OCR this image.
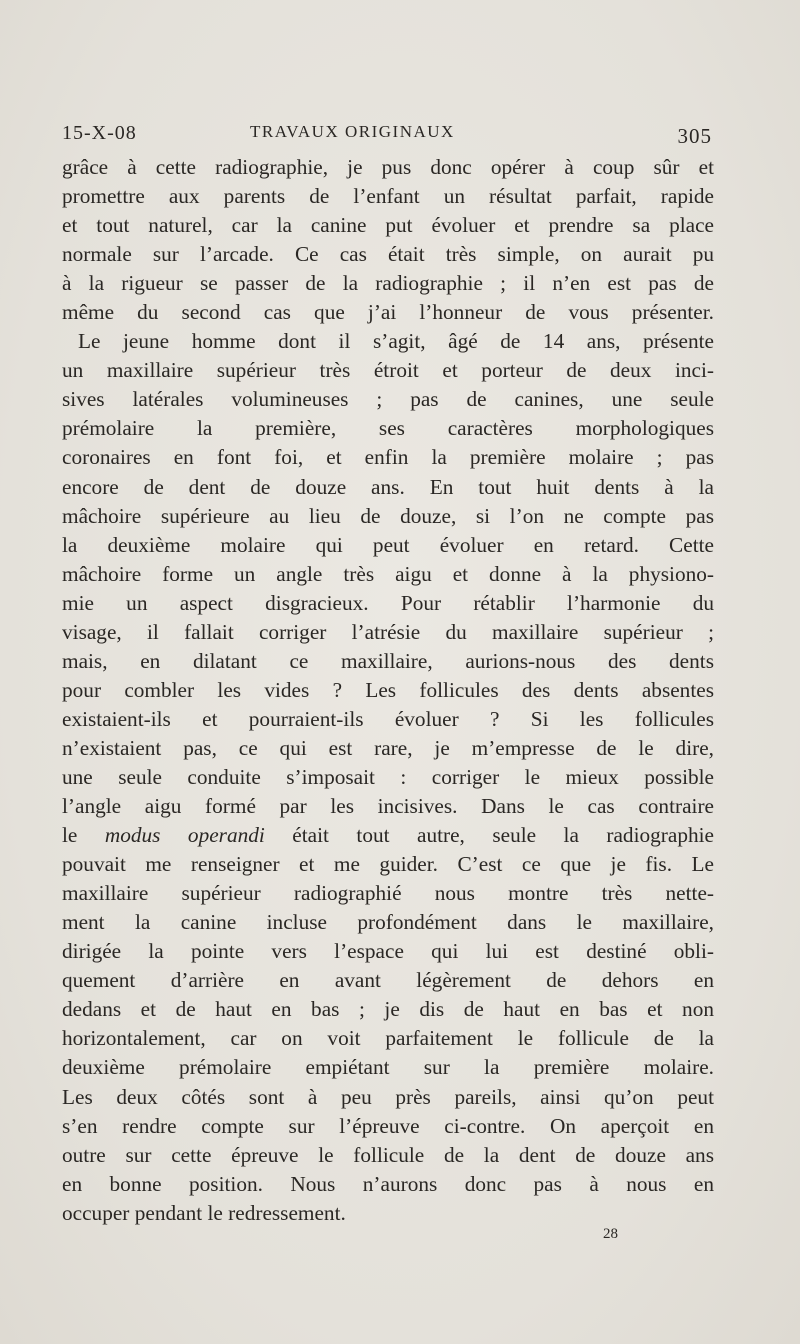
15-X-08	TRAVAUX ORIGINAUX	305
grâce à cette radiographie, je pus donc opérer à coup sûr et
promettre aux parents de l’enfant un résultat parfait, rapide
et tout naturel, car la canine put évoluer et prendre sa place
normale sur l’arcade. Ce cas était très simple, on aurait pu
à la rigueur se passer de la radiographie ; il n’en est pas de
même du second cas que j’ai l’honneur de vous présenter.
Le jeune homme dont il s’agit, âgé de 14 ans, présente
un maxillaire supérieur très étroit et porteur de deux inci-
sives latérales volumineuses ; pas de canines, une seule
prémolaire la première, ses caractères morphologiques
coronaires en font foi, et enfin la première molaire ; pas
encore de dent de douze ans. En tout huit dents à la
mâchoire supérieure au lieu de douze, si l’on ne compte pas
la deuxième molaire qui peut évoluer en retard. Cette
mâchoire forme un angle très aigu et donne à la physiono-
mie un aspect disgracieux. Pour rétablir l’harmonie du
visage, il fallait corriger l’atrésie du maxillaire supérieur ;
mais, en dilatant ce maxillaire, aurions-nous des dents
pour combler les vides ? Les follicules des dents absentes
existaient-ils et pourraient-ils évoluer ? Si les follicules
n’existaient pas, ce qui est rare, je m’empresse de le dire,
une seule conduite s’imposait : corriger le mieux possible
l’angle aigu formé par les incisives. Dans le cas contraire
le modus operandi était tout autre, seule la radiographie
pouvait me renseigner et me guider. C’est ce que je fis. Le
maxillaire supérieur radiographié nous montre très nette-
ment la canine incluse profondément dans le maxillaire,
dirigée la pointe vers l’espace qui lui est destiné obli-
quement d’arrière en avant légèrement de dehors en
dedans et de haut en bas ; je dis de haut en bas et non
horizontalement, car on voit parfaitement le follicule de la
deuxième prémolaire empiétant sur la première molaire.
Les deux côtés sont à peu près pareils, ainsi qu’on peut
s’en rendre compte sur l’épreuve ci-contre. On aperçoit en
outre sur cette épreuve le follicule de la dent de douze ans
en bonne position. Nous n’aurons donc pas à nous en
occuper pendant le redressement.
28
